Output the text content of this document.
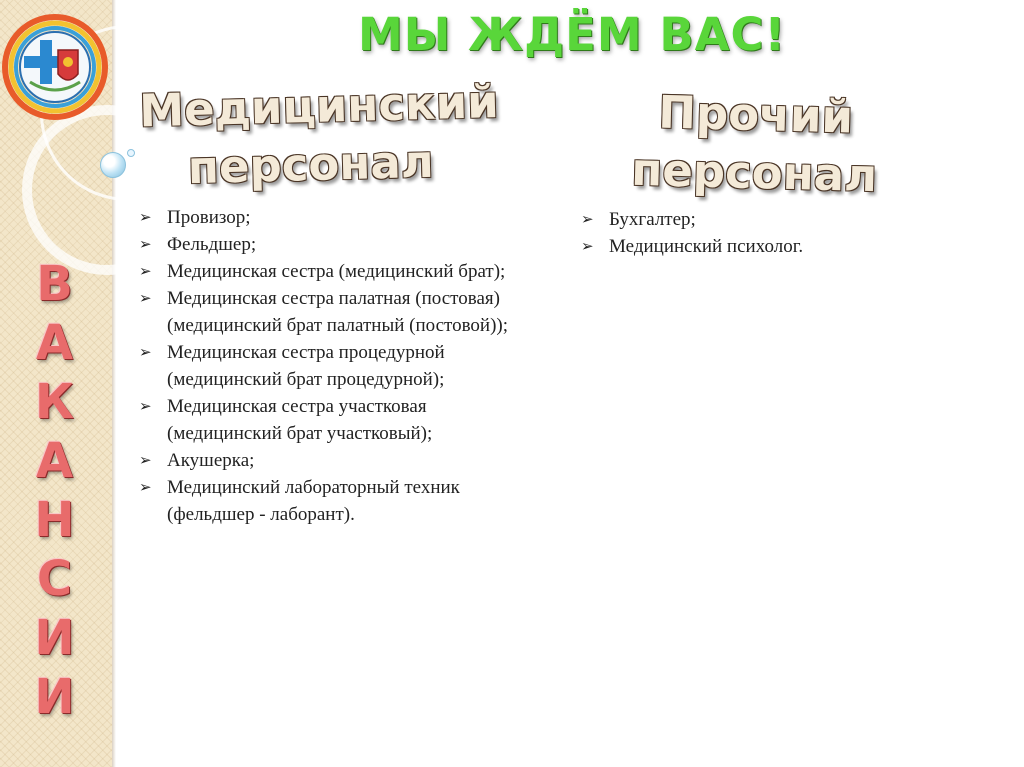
В
А
К
А
Н
С
И
И
МЫ ЖДЁМ ВАС!
Медицинский
персонал
Прочий
персонал
➢ Провизор;
➢ Фельдшер;
➢ Медицинская сестра (медицинский брат);
➢ Медицинская сестра палатная (постовая)(медицинский брат палатный (постовой));
➢ Медицинская сестра процедурной (медицинский брат процедурной);
➢ Медицинская сестра участковая (медицинский брат участковый);
➢ Акушерка;
➢ Медицинский лабораторный техник (фельдшер - лаборант).
➢ Бухгалтер;
➢ Медицинский психолог.
